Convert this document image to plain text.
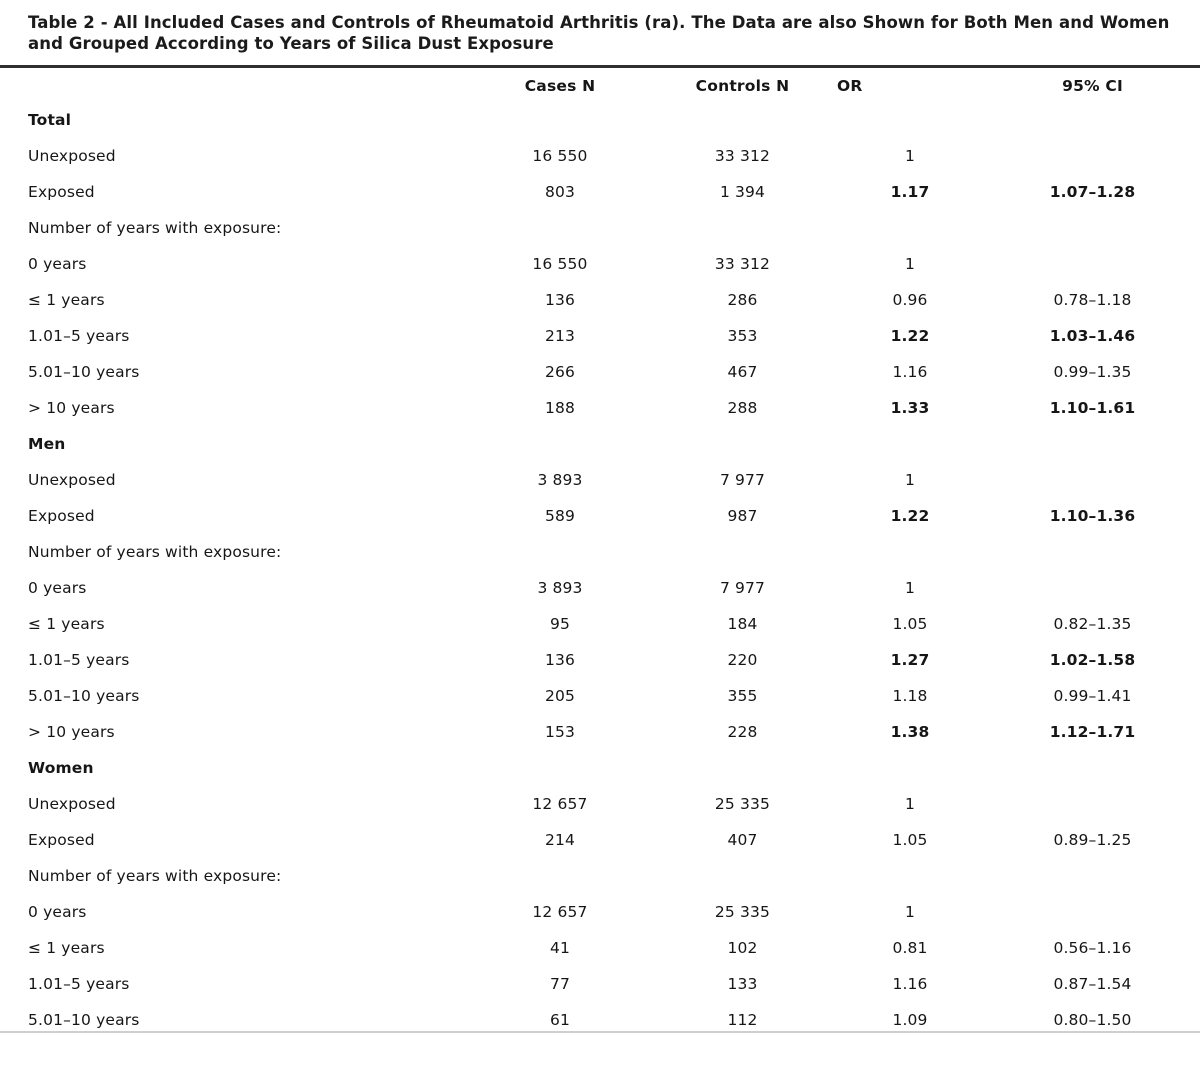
Table 2 - All Included Cases and Controls of Rheumatoid Arthritis (ra). The Data are also Shown for Both Men and Women and Grouped According to Years of Silica Dust Exposure
	Cases N	Controls N	OR	95% CI
Total				
Unexposed	16 550	33 312	1	
Exposed	803	1 394	1.17	1.07–1.28
Number of years with exposure:				
0 years	16 550	33 312	1	
≤ 1 years	136	286	0.96	0.78–1.18
1.01–5 years	213	353	1.22	1.03–1.46
5.01–10 years	266	467	1.16	0.99–1.35
> 10 years	188	288	1.33	1.10–1.61
Men				
Unexposed	3 893	7 977	1	
Exposed	589	987	1.22	1.10–1.36
Number of years with exposure:				
0 years	3 893	7 977	1	
≤ 1 years	95	184	1.05	0.82–1.35
1.01–5 years	136	220	1.27	1.02–1.58
5.01–10 years	205	355	1.18	0.99–1.41
> 10 years	153	228	1.38	1.12–1.71
Women				
Unexposed	12 657	25 335	1	
Exposed	214	407	1.05	0.89–1.25
Number of years with exposure:				
0 years	12 657	25 335	1	
≤ 1 years	41	102	0.81	0.56–1.16
1.01–5 years	77	133	1.16	0.87–1.54
5.01–10 years	61	112	1.09	0.80–1.50
